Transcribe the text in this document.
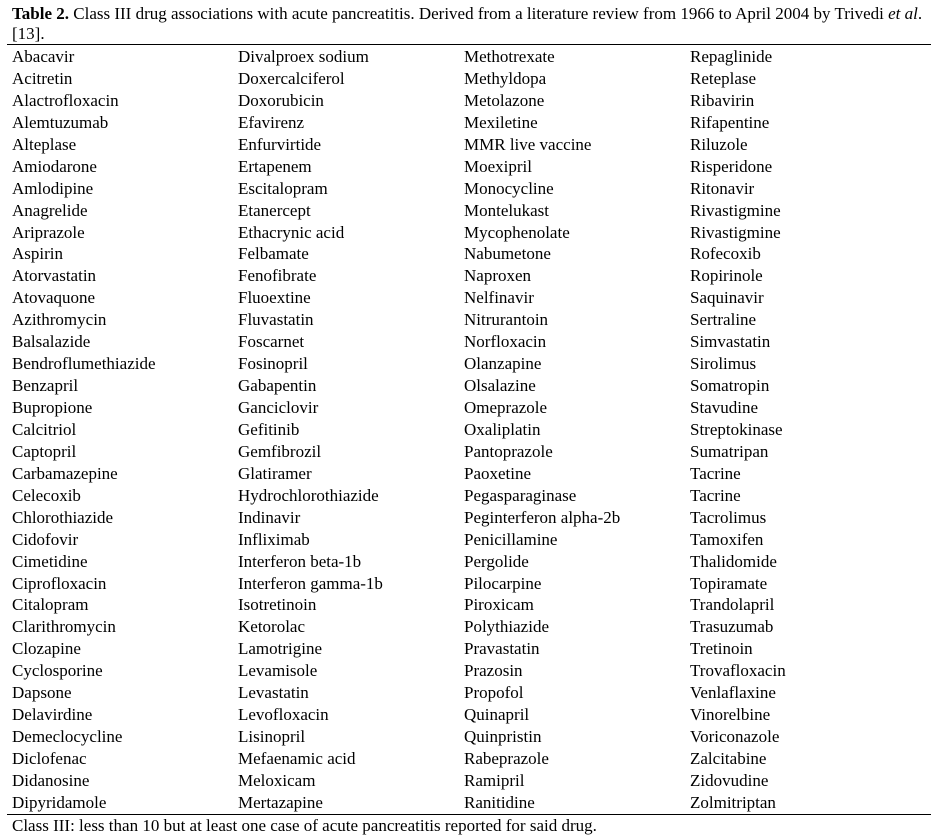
Table 2. Class III drug associations with acute pancreatitis. Derived from a literature review from 1966 to April 2004 by Trivedi et al. [13].
Abacavir	Divalproex sodium	Methotrexate	Repaglinide
Acitretin	Doxercalciferol	Methyldopa	Reteplase
Alactrofloxacin	Doxorubicin	Metolazone	Ribavirin
Alemtuzumab	Efavirenz	Mexiletine	Rifapentine
Alteplase	Enfurvirtide	MMR live vaccine	Riluzole
Amiodarone	Ertapenem	Moexipril	Risperidone
Amlodipine	Escitalopram	Monocycline	Ritonavir
Anagrelide	Etanercept	Montelukast	Rivastigmine
Ariprazole	Ethacrynic acid	Mycophenolate	Rivastigmine
Aspirin	Felbamate	Nabumetone	Rofecoxib
Atorvastatin	Fenofibrate	Naproxen	Ropirinole
Atovaquone	Fluoextine	Nelfinavir	Saquinavir
Azithromycin	Fluvastatin	Nitrurantoin	Sertraline
Balsalazide	Foscarnet	Norfloxacin	Simvastatin
Bendroflumethiazide	Fosinopril	Olanzapine	Sirolimus
Benzapril	Gabapentin	Olsalazine	Somatropin
Bupropione	Ganciclovir	Omeprazole	Stavudine
Calcitriol	Gefitinib	Oxaliplatin	Streptokinase
Captopril	Gemfibrozil	Pantoprazole	Sumatripan
Carbamazepine	Glatiramer	Paoxetine	Tacrine
Celecoxib	Hydrochlorothiazide	Pegasparaginase	Tacrine
Chlorothiazide	Indinavir	Peginterferon alpha-2b	Tacrolimus
Cidofovir	Infliximab	Penicillamine	Tamoxifen
Cimetidine	Interferon beta-1b	Pergolide	Thalidomide
Ciprofloxacin	Interferon gamma-1b	Pilocarpine	Topiramate
Citalopram	Isotretinoin	Piroxicam	Trandolapril
Clarithromycin	Ketorolac	Polythiazide	Trasuzumab
Clozapine	Lamotrigine	Pravastatin	Tretinoin
Cyclosporine	Levamisole	Prazosin	Trovafloxacin
Dapsone	Levastatin	Propofol	Venlaflaxine
Delavirdine	Levofloxacin	Quinapril	Vinorelbine
Demeclocycline	Lisinopril	Quinpristin	Voriconazole
Diclofenac	Mefaenamic acid	Rabeprazole	Zalcitabine
Didanosine	Meloxicam	Ramipril	Zidovudine
Dipyridamole	Mertazapine	Ranitidine	Zolmitriptan
Class III: less than 10 but at least one case of acute pancreatitis reported for said drug.
